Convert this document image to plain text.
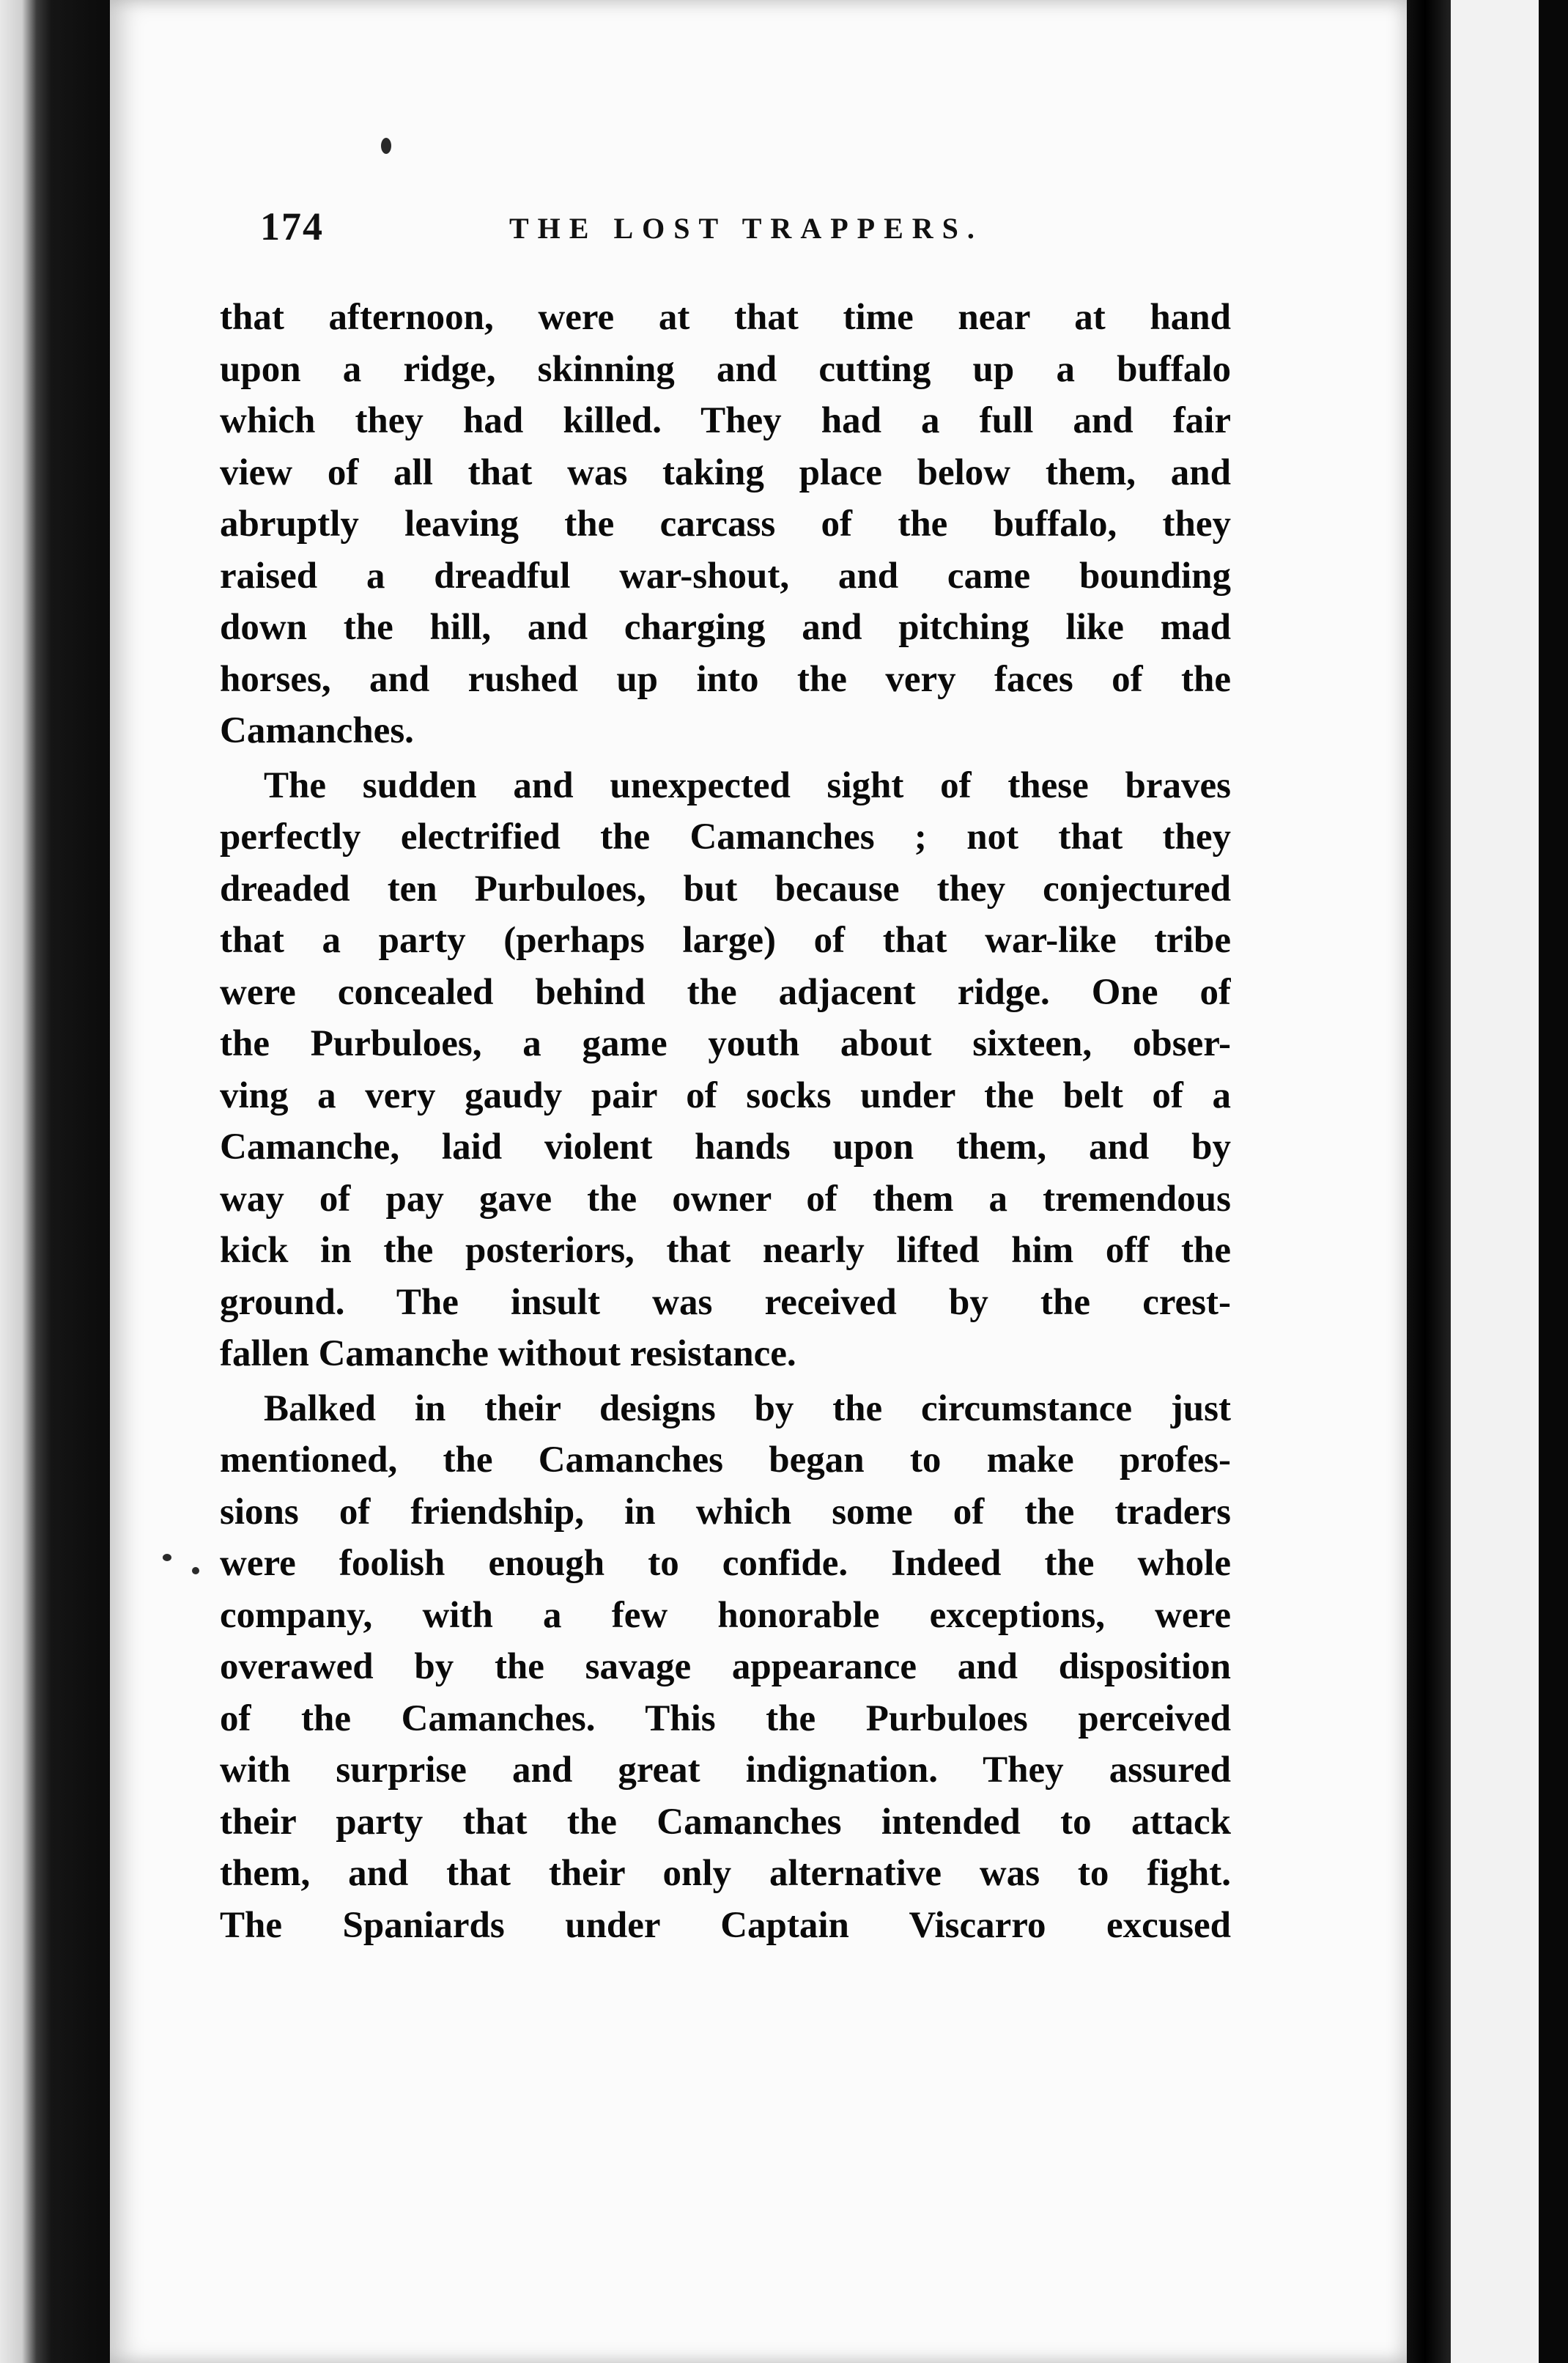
174	THE LOST TRAPPERS.
that afternoon, were at that time near at hand
upon a ridge, skinning and cutting up a buffalo
which they had killed. They had a full and fair
view of all that was taking place below them, and
abruptly leaving the carcass of the buffalo, they
raised a dreadful war-shout, and came bounding
down the hill, and charging and pitching like mad
horses, and rushed up into the very faces of the
Camanches.
The sudden and unexpected sight of these braves
perfectly electrified the Camanches ; not that they
dreaded ten Purbuloes, but because they conjectured
that a party (perhaps large) of that war-like tribe
were concealed behind the adjacent ridge. One of
the Purbuloes, a game youth about sixteen, obser-
ving a very gaudy pair of socks under the belt of a
Camanche, laid violent hands upon them, and by
way of pay gave the owner of them a tremendous
kick in the posteriors, that nearly lifted him off the
ground. The insult was received by the crest-
fallen Camanche without resistance.
Balked in their designs by the circumstance just
mentioned, the Camanches began to make profes-
sions of friendship, in which some of the traders
were foolish enough to confide. Indeed the whole
company, with a few honorable exceptions, were
overawed by the savage appearance and disposition
of the Camanches. This the Purbuloes perceived
with surprise and great indignation. They assured
their party that the Camanches intended to attack
them, and that their only alternative was to fight.
The Spaniards under Captain Viscarro excused
